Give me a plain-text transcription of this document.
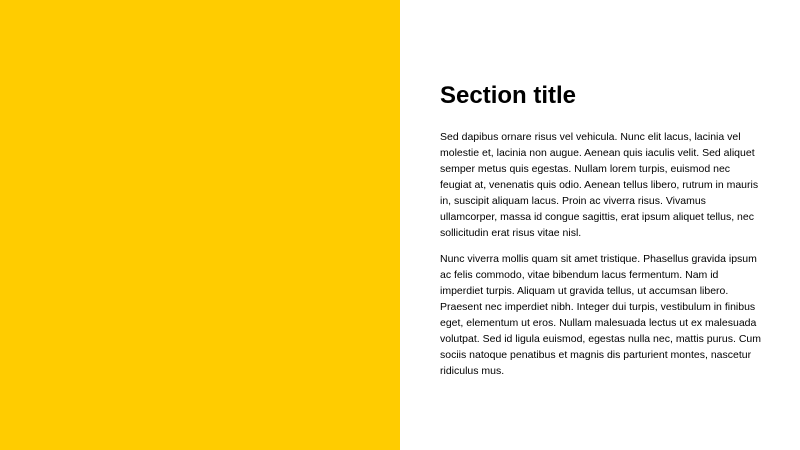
Section title

Sed dapibus ornare risus vel vehicula. Nunc elit lacus, lacinia vel molestie et, lacinia non augue. Aenean quis iaculis velit. Sed aliquet semper metus quis egestas. Nullam lorem turpis, euismod nec feugiat at, venenatis quis odio. Aenean tellus libero, rutrum in mauris in, suscipit aliquam lacus. Proin ac viverra risus. Vivamus ullamcorper, massa id congue sagittis, erat ipsum aliquet tellus, nec sollicitudin erat risus vitae nisl.

Nunc viverra mollis quam sit amet tristique. Phasellus gravida ipsum ac felis commodo, vitae bibendum lacus fermentum. Nam id imperdiet turpis. Aliquam ut gravida tellus, ut accumsan libero. Praesent nec imperdiet nibh. Integer dui turpis, vestibulum in finibus eget, elementum ut eros. Nullam malesuada lectus ut ex malesuada volutpat. Sed id ligula euismod, egestas nulla nec, mattis purus. Cum sociis natoque penatibus et magnis dis parturient montes, nascetur ridiculus mus.
